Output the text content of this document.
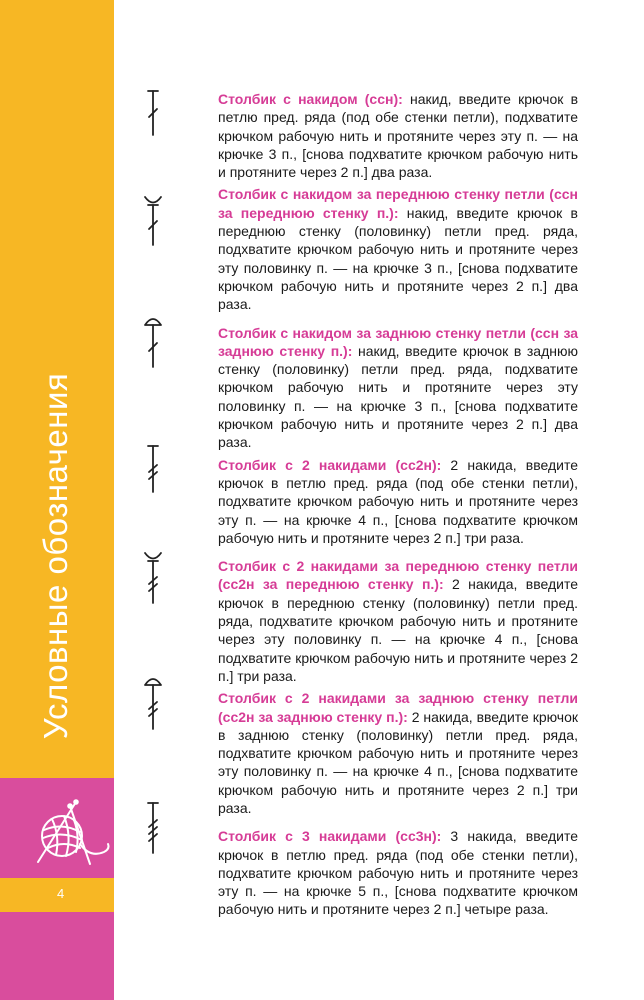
Условные обозначения
4

Столбик с накидом (ссн): накид, введите крючок в петлю пред. ряда (под обе стенки петли), подхватите крючком рабочую нить и протяните через эту п. — на крючке 3 п., [снова подхватите крючком рабочую нить и протяните через 2 п.] два раза.

Столбик с накидом за переднюю стенку петли (ссн за переднюю стенку п.): накид, введите крючок в переднюю стенку (половинку) петли пред. ряда, подхватите крючком рабочую нить и протяните через эту половинку п. — на крючке 3 п., [снова подхватите крючком рабочую нить и протяните через 2 п.] два раза.

Столбик с накидом за заднюю стенку петли (ссн за заднюю стенку п.): накид, введите крючок в заднюю стенку (половинку) петли пред. ряда, подхватите крючком рабочую нить и протяните через эту половинку п. — на крючке 3 п., [снова подхватите крючком рабочую нить и протяните через 2 п.] два раза.

Столбик с 2 накидами (сс2н): 2 накида, введите крючок в петлю пред. ряда (под обе стенки петли), подхватите крючком рабочую нить и протяните через эту п. — на крючке 4 п., [снова подхватите крючком рабочую нить и протяните через 2 п.] три раза.

Столбик с 2 накидами за переднюю стенку петли (сс2н за переднюю стенку п.): 2 накида, введите крючок в переднюю стенку (половинку) петли пред. ряда, подхватите крючком рабочую нить и протяните через эту половинку п. — на крючке 4 п., [снова подхватите крючком рабочую нить и протяните через 2 п.] три раза.

Столбик с 2 накидами за заднюю стенку петли (сс2н за заднюю стенку п.): 2 накида, введите крючок в заднюю стенку (половинку) петли пред. ряда, подхватите крючком рабочую нить и протяните через эту половинку п. — на крючке 4 п., [снова подхватите крючком рабочую нить и протяните через 2 п.] три раза.

Столбик с 3 накидами (сс3н): 3 накида, введите крючок в петлю пред. ряда (под обе стенки петли), подхватите крючком рабочую нить и протяните через эту п. — на крючке 5 п., [снова подхватите крючком рабочую нить и протяните через 2 п.] четыре раза.
